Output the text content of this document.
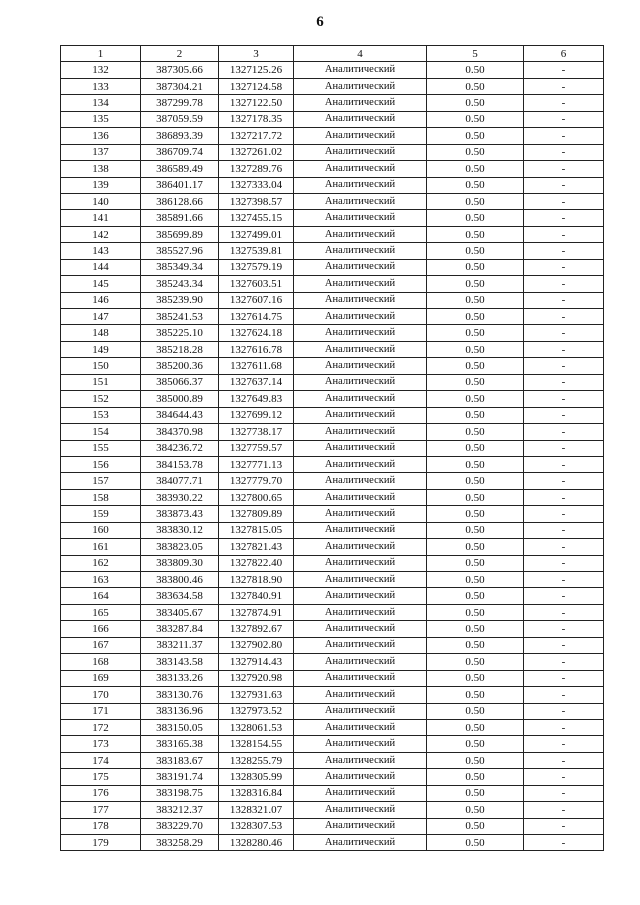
6
1	2	3	4	5	6
132	387305.66	1327125.26	Аналитический	0.50	-
133	387304.21	1327124.58	Аналитический	0.50	-
134	387299.78	1327122.50	Аналитический	0.50	-
135	387059.59	1327178.35	Аналитический	0.50	-
136	386893.39	1327217.72	Аналитический	0.50	-
137	386709.74	1327261.02	Аналитический	0.50	-
138	386589.49	1327289.76	Аналитический	0.50	-
139	386401.17	1327333.04	Аналитический	0.50	-
140	386128.66	1327398.57	Аналитический	0.50	-
141	385891.66	1327455.15	Аналитический	0.50	-
142	385699.89	1327499.01	Аналитический	0.50	-
143	385527.96	1327539.81	Аналитический	0.50	-
144	385349.34	1327579.19	Аналитический	0.50	-
145	385243.34	1327603.51	Аналитический	0.50	-
146	385239.90	1327607.16	Аналитический	0.50	-
147	385241.53	1327614.75	Аналитический	0.50	-
148	385225.10	1327624.18	Аналитический	0.50	-
149	385218.28	1327616.78	Аналитический	0.50	-
150	385200.36	1327611.68	Аналитический	0.50	-
151	385066.37	1327637.14	Аналитический	0.50	-
152	385000.89	1327649.83	Аналитический	0.50	-
153	384644.43	1327699.12	Аналитический	0.50	-
154	384370.98	1327738.17	Аналитический	0.50	-
155	384236.72	1327759.57	Аналитический	0.50	-
156	384153.78	1327771.13	Аналитический	0.50	-
157	384077.71	1327779.70	Аналитический	0.50	-
158	383930.22	1327800.65	Аналитический	0.50	-
159	383873.43	1327809.89	Аналитический	0.50	-
160	383830.12	1327815.05	Аналитический	0.50	-
161	383823.05	1327821.43	Аналитический	0.50	-
162	383809.30	1327822.40	Аналитический	0.50	-
163	383800.46	1327818.90	Аналитический	0.50	-
164	383634.58	1327840.91	Аналитический	0.50	-
165	383405.67	1327874.91	Аналитический	0.50	-
166	383287.84	1327892.67	Аналитический	0.50	-
167	383211.37	1327902.80	Аналитический	0.50	-
168	383143.58	1327914.43	Аналитический	0.50	-
169	383133.26	1327920.98	Аналитический	0.50	-
170	383130.76	1327931.63	Аналитический	0.50	-
171	383136.96	1327973.52	Аналитический	0.50	-
172	383150.05	1328061.53	Аналитический	0.50	-
173	383165.38	1328154.55	Аналитический	0.50	-
174	383183.67	1328255.79	Аналитический	0.50	-
175	383191.74	1328305.99	Аналитический	0.50	-
176	383198.75	1328316.84	Аналитический	0.50	-
177	383212.37	1328321.07	Аналитический	0.50	-
178	383229.70	1328307.53	Аналитический	0.50	-
179	383258.29	1328280.46	Аналитический	0.50	-
